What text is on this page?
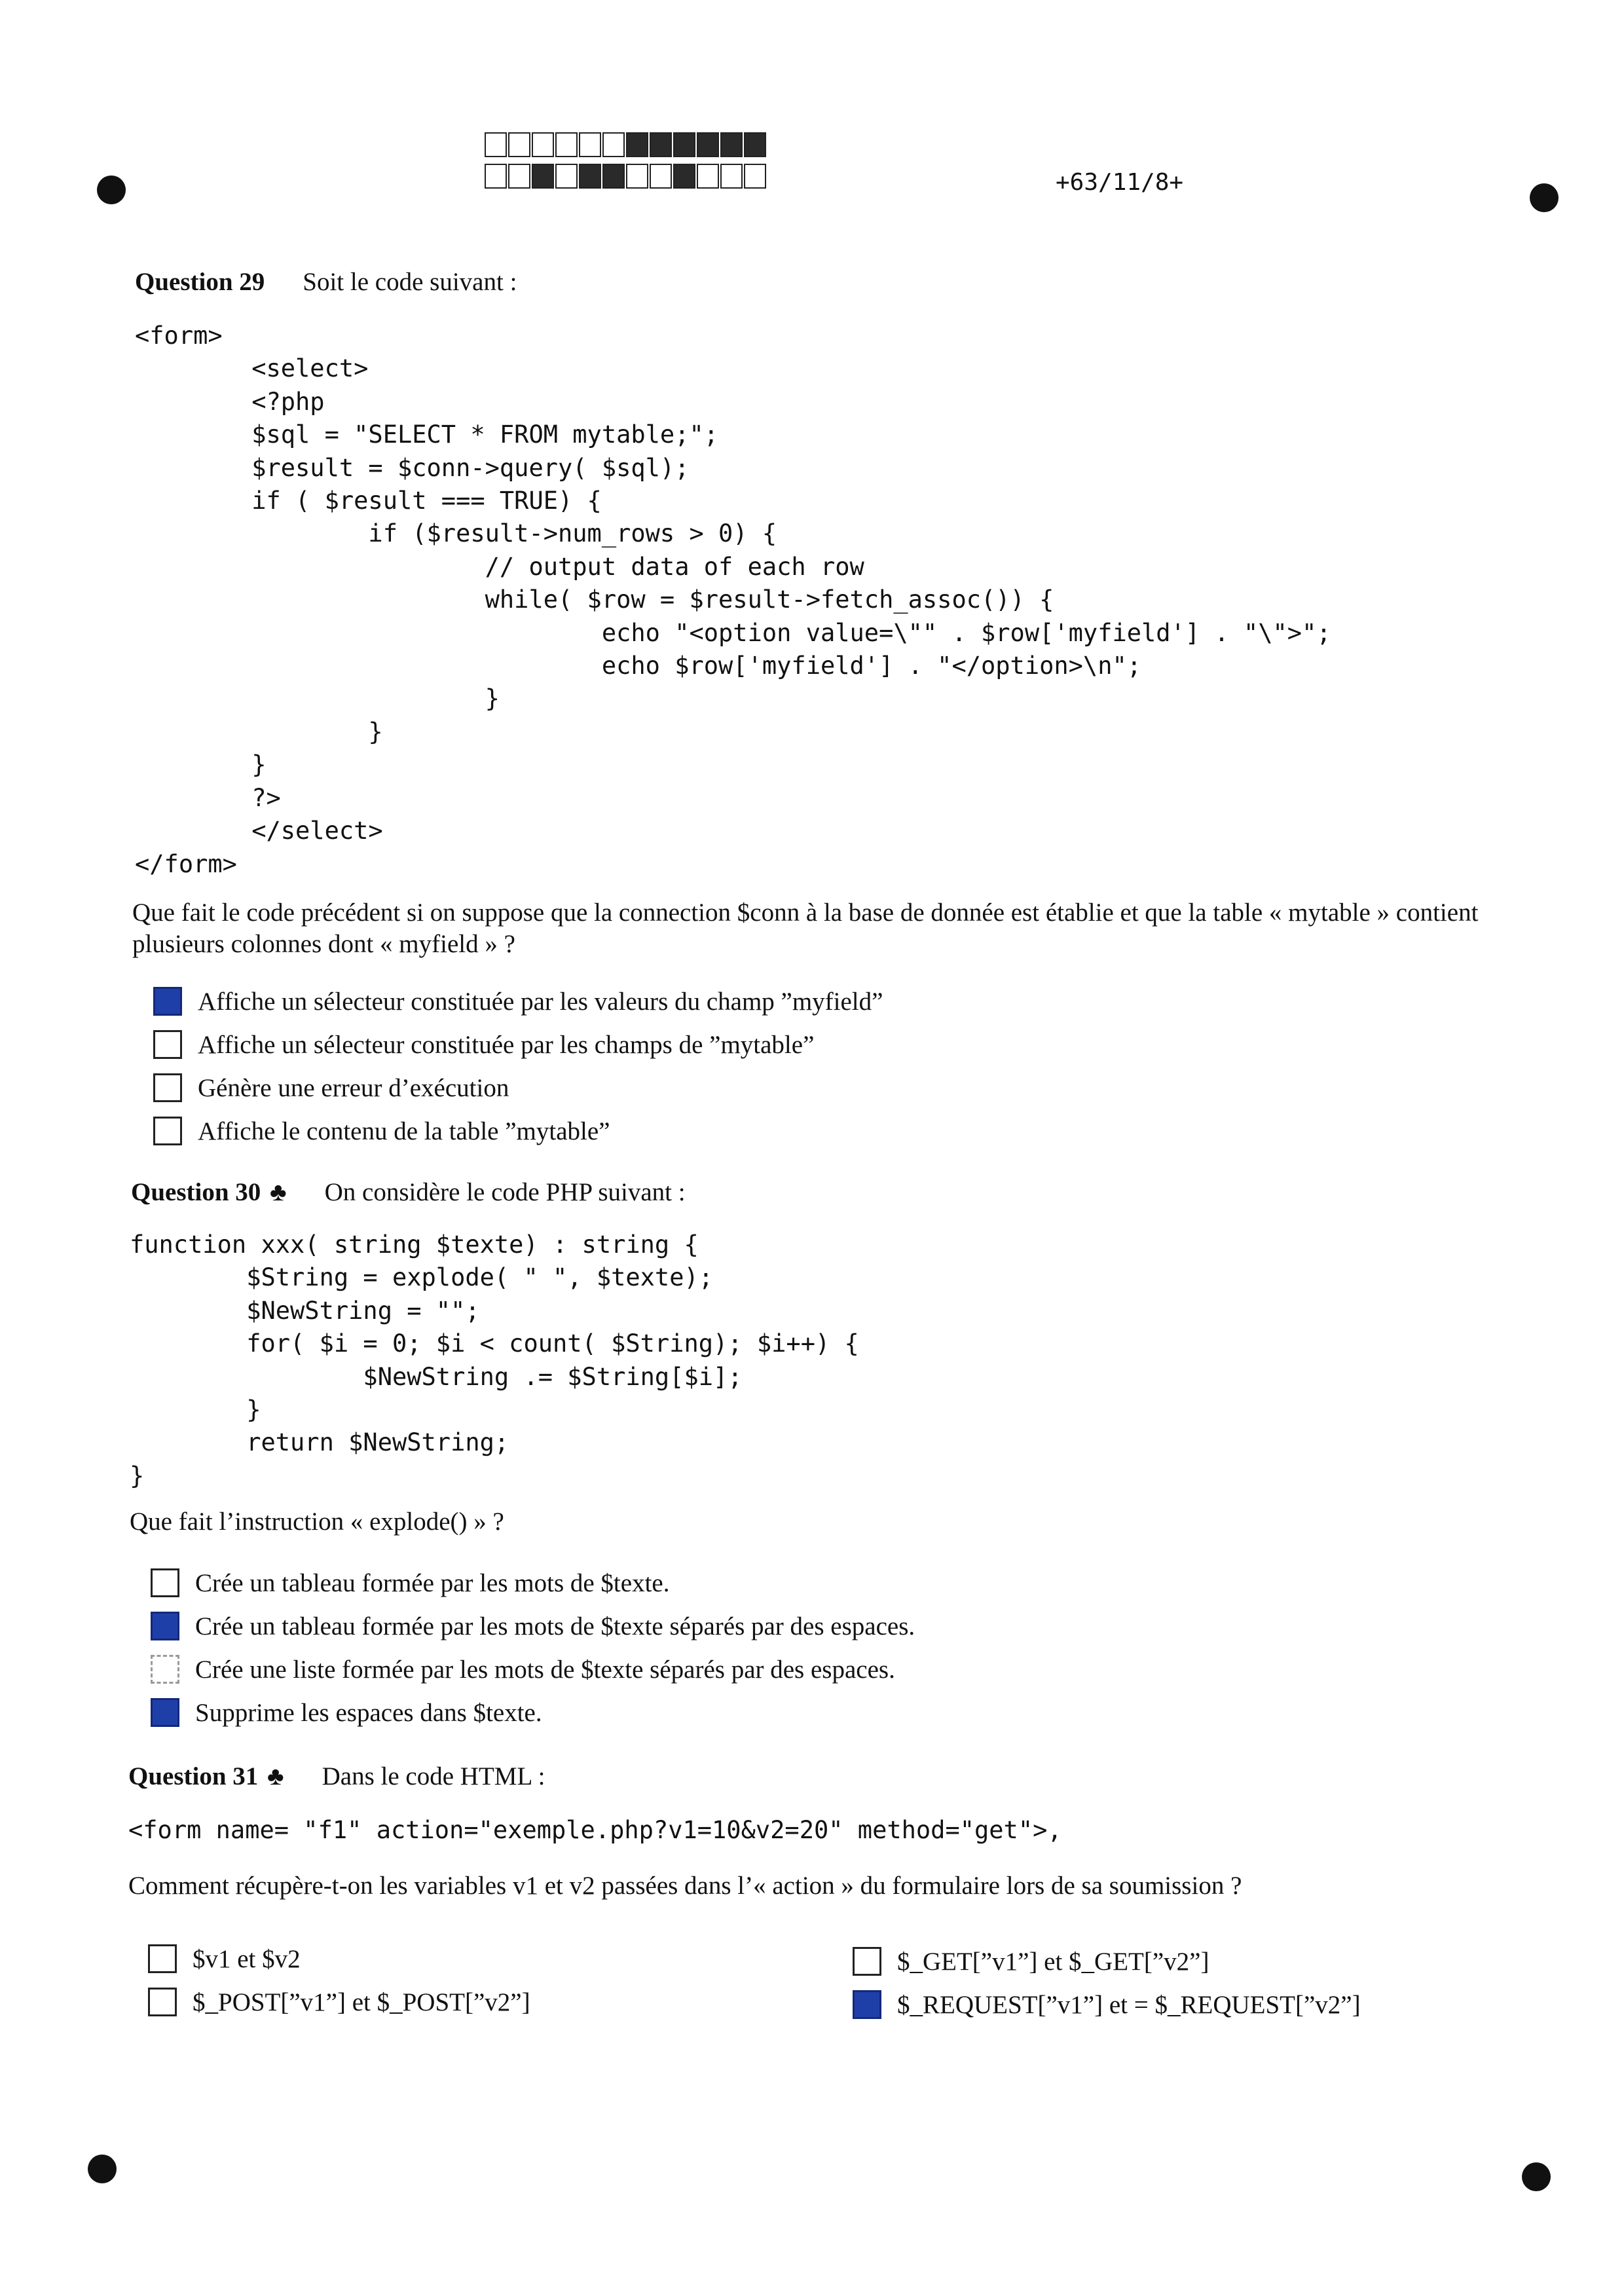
+63/11/8+
Question 29 Soit le code suivant :
<form>
<select>
<?php
$sql = "SELECT * FROM mytable;";
$result = $conn->query( $sql);
if ( $result === TRUE) {
if ($result->num_rows > 0) {
// output data of each row
while( $row = $result->fetch_assoc()) {
echo "<option value=\"" . $row['myfield'] . "\">";
echo $row['myfield'] . "</option>\n";
}
}
}
?>
</select>
</form>
Que fait le code précédent si on suppose que la connection $conn à la base de donnée est établie et que la table « mytable » contient plusieurs colonnes dont « myfield » ?
Affiche un sélecteur constituée par les valeurs du champ ”myfield”
Affiche un sélecteur constituée par les champs de ”mytable”
Génère une erreur d’exécution
Affiche le contenu de la table ”mytable”
Question 30 ♣ On considère le code PHP suivant :
function xxx( string $texte) : string {
$String = explode( " ", $texte);
$NewString = "";
for( $i = 0; $i < count( $String); $i++) {
$NewString .= $String[$i];
}
return $NewString;
}
Que fait l’instruction « explode() » ?
Crée un tableau formée par les mots de $texte.
Crée un tableau formée par les mots de $texte séparés par des espaces.
Crée une liste formée par les mots de $texte séparés par des espaces.
Supprime les espaces dans $texte.
Question 31 ♣ Dans le code HTML :
<form name= "f1" action="exemple.php?v1=10&v2=20" method="get">,
Comment récupère-t-on les variables v1 et v2 passées dans l’« action » du formulaire lors de sa soumission ?
$v1 et $v2
$_POST[”v1”] et $_POST[”v2”]
$_GET[”v1”] et $_GET[”v2”]
$_REQUEST[”v1”] et = $_REQUEST[”v2”]
